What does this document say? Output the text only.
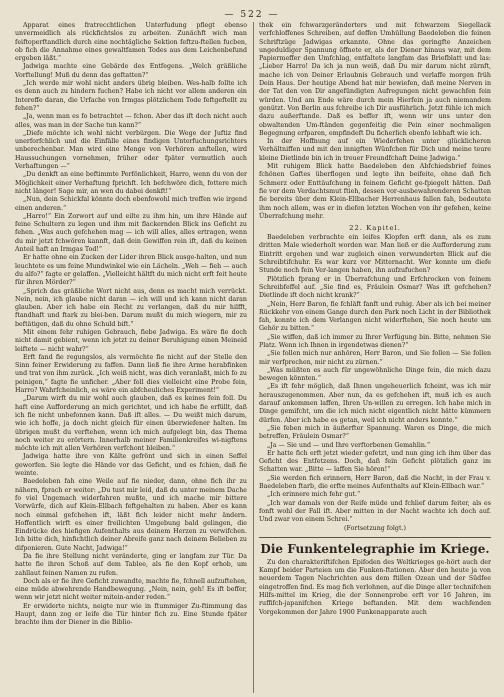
— 522 —

Apparat eines fratrecchtlichen Unterfudung pflegt ebenso unvermeidlich als rückfichtslos zu arbeiten. Zunächft wich man feiftoperftandlich durch eine nochtägliche Sektion feftzu-ftellen fucben, ob fich die Annahme eines gewaltfamen Todes aus dem Leichenbefund ergeben läßt.“

Jadwiga machte eine Gebärde des Entfegens. „Welch gräßliche Vorftellung! Muß du denn das geftatten?“

„Ich werde mir wohl nicht anders übrig bleiben. Wes-halb follte ich es denn auch zu hindern fuchen? Habe ich nicht vor allem anderen ein Intereffe daran, die Urfache von Irmgas plötzlichem Tode feftgeftellt zu fehen?“

„Ja, wenn man es fo betrachtet — fchon. Aber das ift doch nicht auch alles, was man in der Sache tun kann?“

„Diefe möchte ich wohl nicht verbürgen. Die Wege der Juftiz find unerforfchlich und die Einfälle eines findigen Unterfuchungsrichters unberechenbar. Man wird eine Menge von Verhören anftellen, wird Haussuchungen vornehmen, früher oder fpäter vermutlich auch Verhaftungen —“

„Du denkft an eine beftimmte Perfönlichkeit, Harro, wenn du von der Möglichkeit einer Verhaftung fprichft. Ich befchwöre dich, fottere mich nicht länger! Sage mir, an wen du dabei denkft!“

„Nun, dein Schickfal könnte doch ebenfowohl mich treffen wie irgend einen anderen.“

„Harro!“ Ein Zorwort auf und eilte zu ihm hin, um ihre Hände auf feine Schultern zu legen und ihm mit flackernden Blick ins Geficht zu fehen. „Was auch gefchehen mag — ich will alles, alles ertragen, wenn du mir jetzt fchwören kannft, daß dein Gewiffen rein ift, daß du keinen Anteil haft an Irmgas Tod!“

Er hatte ohne ein Zucken der Lider ihren Blick ausge-halten, und nun leuchtete es um feine Mundwinkel wie ein Lächeln. „Weh — fieh — auch du alfo?“ fagte er gelaffen. „Vielleicht hältft du mich nicht erft feit heute für ihren Mörder?“

„Sprich das gräßliche Wort nicht aus, denn es macht mich verrückt. Nein, nein, ich glaube nicht daran — ich will und ich kann nicht daran glauben. Aber ich habe ein Recht zu verlangen, daß du mir hilfft, ftandhaft und ftark zu blei-ben. Darum mußt du mich wiegern, mir zu beftätigen, daß du ohne Schuld bift.“

Mit einem fehr ruhigen Gebrauch, fiebe Jadwiga. Es wäre fie doch nicht damit gebient, wenn ich jetzt zu deiner Beruhigung einen Meineid leiftete — nicht wahr?“

Erft fand fie regungslos, als vermöchte fie nicht auf der Stelle den Sinn feiner Erwiderung zu faffen. Dann ließ fie ihre Arme herabfinken und trat von ihm zurück. „Ich weiß nicht, was dich veranlaßt, mich fo zu peinigen,“ fagte fie unficher. „Aber foll dies vielleicht eine Probe fein, Harro? Wahrfcheinlich, es wäre ein abfcheuliches Experiment!“

„Darum wirft du mir wohl auch glauben, daß es keines fein foll. Du haft eine Aufforderung an mich gerichtet, und ich habe fie erfüllt, daß ich fie nicht unbefonnen kann. Daß ift alles. — Du weißt mich darum, wie ich hoffe, ja doch nicht gleich für einen überwiefener halten. Im übrigen mußt du verftehen, wenn ich mich aufgelegt bin, das Thema noch weiter zu erörtern. Innerhalb meiner Familienkreifes wi-nigftens möchte ich mit allen Verhören verfchont bleiben.“

Jadwiga hatte ihre von Kälte gefrönt und sich in einen Seffel geworfen. Sie legte die Hände vor das Geficht, und es fchien, daß fie weinte.

Baedeleben fah eine Weile auf fie nieder, dann, ohne fich ihr zu nähern, fprach er weiter: „Du tust mir leid, daß du unter meinem Dache fo viel Ungemach widerfahren mußte, und ich mache mir bittere Vorwürfe, dich auf Klein-Ellbach feftgehalten zu haben. Aber es kann noch einmal gefchehen ift, läßt fich leider nicht mehr ändern. Hoffentlich wirft es einer freilichten Umgebung bald gelingen, die Eindrücke des hiefigen Aufenthalts aus deinem Herzen zu verwifchen. Ich bitte dich, hinfichtlich deiner Abreife ganz nach deinem Belieben zu difponieren. Gute Nacht, Jadwiga!“

Da fie ihre Stellung nicht veränderte, ging er langfam zur Tür. Da hatte fie ihren Schoß auf dem Tablee, als fie den Kopf erhob, um zahllaut feinen Namen zu rufen.

Doch als er fie ihre Geficht zuwandte, machte fie, fchnell aufzuftehen, eine müde abwehrende Handbewegung. „Nein, nein, geh! Es ift beffer, wenn wir jetzt nicht weiter mitein-ander reden.“

Er erwiderte nichts, neigte nur wie in ftummiger Zu-ftimmung das Haupt, dann zog er leife die Tür hinter fich zu. Eine Stunde fpäter brachte ihm der Diener in die Biblio-

thek ein fchwarzgeränderters und mit fchwarzem Siegellack verfchloffenes Schreiben, auf deffen Umhüllung Baedeleben die feinen Schriftzüge Jadwigas erkannte. Ohne das geringfte Anzeichen ungeduldiger Spannung öffnete er, als der Diener hinaus war, mit dem Papiermeffer den Umfchlag, entfaltete langfam das Briefblatt und las: „Lieber Harro! Da ich ja nun weiß, daß Du mir darum nicht zürnft, mache ich von Deiner Erlaubnis Gebrauch und verlaffe morgen früh Dein Haus. Der heutige Abend hat mir bewiefen, daß meine Nerven in der Tat den von Dir angefündigten Aufregungen nicht gewachfen fein würden. Und am Ende wäre durch mein Hierfein ja auch niemandem genützt. Von Berlin aus fchreibe ich Dir ausführlich. Jetzt fühle ich mich dazu außerftande. Daß es beffer ift, wenn wir uns unter den obwaltenden Um-ftänden gegenfeitig die Pein einer nochmaligen Begegnung erfparen, empfindeft Du ficherlich ebenfo lebhaft wie ich.

In der Hoffnung auf ein Wiederfehen unter glücklicheren Verhältniffen und mit den innigften Wünfchen für Dich und meine teure kleine Dietlinde bin ich in treuer Freundfchaft Deine Jadwiga.“

Mit ruhigem Blick hatte Baedeleben den Abfchiedsbrief feines fchönen Gaftes überflogen und legte ihn beifeite, ohne daß fich Schmerz oder Enttäufchung in feinem Geficht ge-fpiegelt hätten. Daß fie vor dem Verdachtsmut ftieh, dessen vor-ausbewahrenderen Schatten fie bereits über dem Klein-Ellbacher Herrenhaus fallen fah, bedeutete ihm noch allem, was er in diefen letzten Wochen von ihr gefehen, keine Überrafchung mehr.

22. Kapitel.

Baedeleben verbrachte ein leifes Klopfen erft dann, als es zum dritten Male wiederholt worden war. Man ließ er die Aufforderung zum Eintritt ergehen und war zugleich einen verwunderten Blick auf die Schreibtifchuhr. Es war kurz vor Mitternacht. Wer konnte um diefe Stunde noch fein Ver-langen haben, ihn aufzufuchen?

Plötzlich fprang er in Überrafchung und Erfchrocken von feinem Schreibfeffel auf. „Sie find es, Fräulein Osmar? Was ift gefchehen? Dietlinde ift doch nicht krank?“

„Nein, Herr Baron, fie fchläft fanft und ruhig. Aber als ich bei meiner Rückkehr von einem Gange durch den Park noch Licht in der Bibliothek fah, konnte ich dem Verlangen nicht widerftehen, Sie noch heute um Gehör zu bitten.“

„Sie wiffen, daß ich immer zu Ihrer Verfügung bin. Bitte, nehmen Sie Platz. Wenn ich Ihnen in irgendetwas dienen?“

„Sie follen mich nur anhören, Herr Baron, und Sie follen — Sie follen mir verfprechen, mir nicht zu zürnen.“

„Was müßten es auch für ungewöhnliche Dinge fein, die mich dazu bewegen könnten.“

„Es ift fehr möglich, daß Ihnen ungeheuerlich fcheint, was ich mir herauszugenommen. Aber nun, da es gefchehen ift, muß ich es auch darauf ankommen laffen, Ihren Un-willen zu erregen. Ich habe mich in Dinge gemifcht, um die ich mich nicht eigentlich nicht hätte kümmern dürfen. Aber ich habe es getan, weil ich nicht anders konnte.“

„Sie feben mich in äußerfter Spannung. Waren es Dinge, die mich betreffen, Fräulein Osmar?“

„Ja — Sie und — und Ihre verftorbenen Gemahlin.“

Er hatte fich erft jetzt wieder gefetzt, und nun ging ich ihm über das Geficht des Entfetzens. Doch, daß fein Geficht plötzlich ganz im Schatten war. „Bitte — laffen Sie hören!“

„Sie werden fich erinnern, Herr Baron, daß die Nacht, in der Frau v. Baedeleben ftarb, die erfte meines Aufenthalts auf Klein-Ellbach war.“

„Ich erinnere mich fehr gut.“

„Ich war damals von der Reife müde und fchlief darum feiter, als es fonft wohl der Fall ift. Aber mitten in der Nacht wachte ich doch auf. Und zwar von einem Schrei.“

(Fortsetzung folgt.)

Die Funkentelegraphie im Kriege.

Zu den charakteriftifchen Epifoden des Weltkrieges ge-hört auch der Kampf beider Parteien um die Funken-ftationen. Aber den heute ja von neuerdem Tagen Nachrichten aus dem ftillen Ozean und der Südfee eingetroffen find. Es mag fich verlohnen, auf die Dinge aller technifchen Hilfs-mittel im Krieg, die der Sonnenprobe erft vor 16 Jahren, im ruffifch-japanifchen Kriege beftanden. Mit dem wachfenden Vorgekommen der Jahre 1900 Funkenapparate auch
